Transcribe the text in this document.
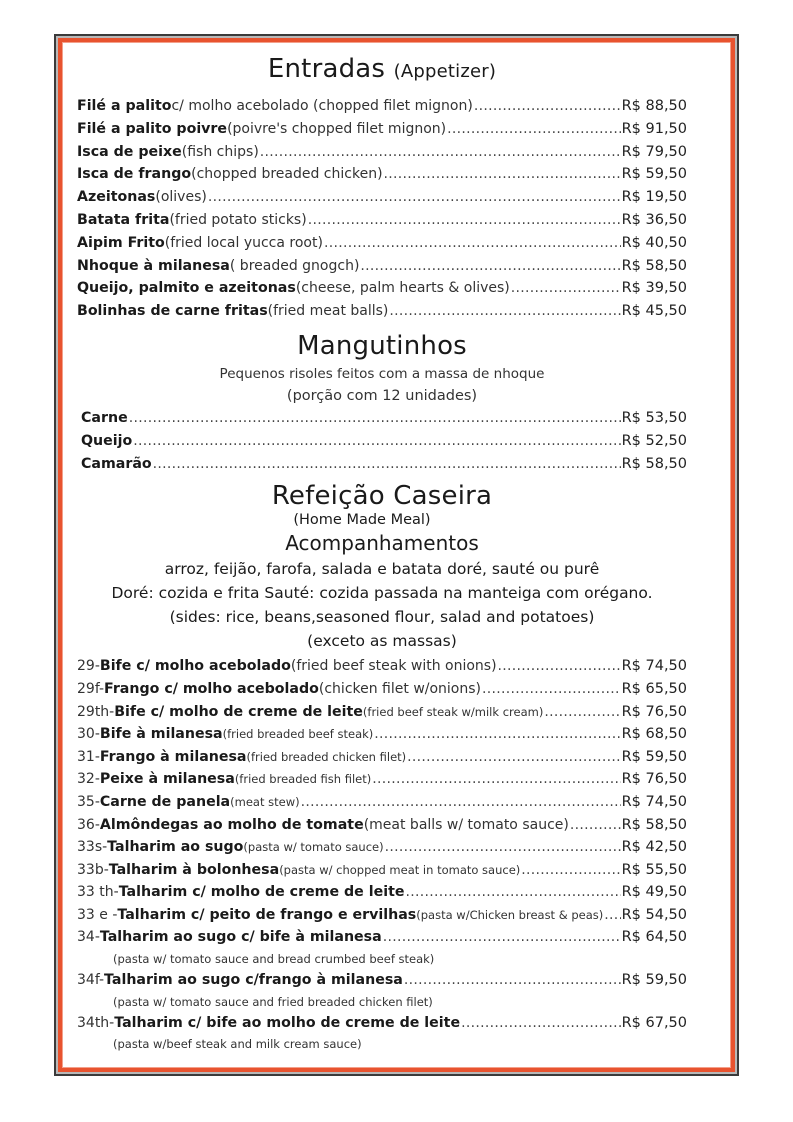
Entradas (Appetizer)
Filé a palito c/ molho acebolado (chopped filet mignon) .....	R$ 88,50
Filé a palito poivre (poivre's chopped filet mignon) .....	R$ 91,50
Isca de peixe (fish chips) .....	R$ 79,50
Isca de frango (chopped breaded chicken) .....	R$ 59,50
Azeitonas (olives) .....	R$ 19,50
Batata frita (fried potato sticks) .....	R$ 36,50
Aipim Frito (fried local yucca root) .....	R$ 40,50
Nhoque à milanesa ( breaded gnogch) .....	R$ 58,50
Queijo, palmito e azeitonas (cheese, palm hearts & olives) .....	R$ 39,50
Bolinhas de carne fritas (fried meat balls) .....	R$ 45,50
Mangutinhos
Pequenos risoles feitos com a massa de nhoque
(porção com 12 unidades)
Carne .....	R$ 53,50
Queijo .....	R$ 52,50
Camarão .....	R$ 58,50
Refeição Caseira
(Home Made Meal)
Acompanhamentos
arroz, feijão, farofa, salada e batata doré, sauté ou purê
Doré: cozida e frita Sauté: cozida passada na manteiga com orégano.
(sides: rice, beans,seasoned flour, salad and potatoes)
(exceto as massas)
29- Bife c/ molho acebolado (fried beef steak with onions) .....	R$ 74,50
29f- Frango c/ molho acebolado (chicken filet w/onions) .....	R$ 65,50
29th- Bife c/ molho de creme de leite (fried beef steak w/milk cream) .....	R$ 76,50
30- Bife à milanesa (fried breaded beef steak) .....	R$ 68,50
31- Frango à milanesa (fried breaded chicken filet) .....	R$ 59,50
32- Peixe à milanesa (fried breaded fish filet) .....	R$ 76,50
35- Carne de panela (meat stew) .....	R$ 74,50
36- Almôndegas ao molho de tomate (meat balls w/ tomato sauce) .....	R$ 58,50
33s- Talharim ao sugo (pasta w/ tomato sauce) .....	R$ 42,50
33b- Talharim à bolonhesa (pasta w/ chopped meat in tomato sauce) .....	R$ 55,50
33 th- Talharim c/ molho de creme de leite .....	R$ 49,50
33 e - Talharim c/ peito de frango e ervilhas (pasta w/Chicken breast & peas) ..... R$ 54,50
34- Talharim ao sugo c/ bife à milanesa .....	R$ 64,50
(pasta w/ tomato sauce and bread crumbed beef steak)
34f- Talharim ao sugo c/frango à milanesa .....	R$ 59,50
(pasta w/ tomato sauce and fried breaded chicken filet)
34th- Talharim c/ bife ao molho de creme de leite .....	R$ 67,50
(pasta w/beef steak and milk cream sauce)
